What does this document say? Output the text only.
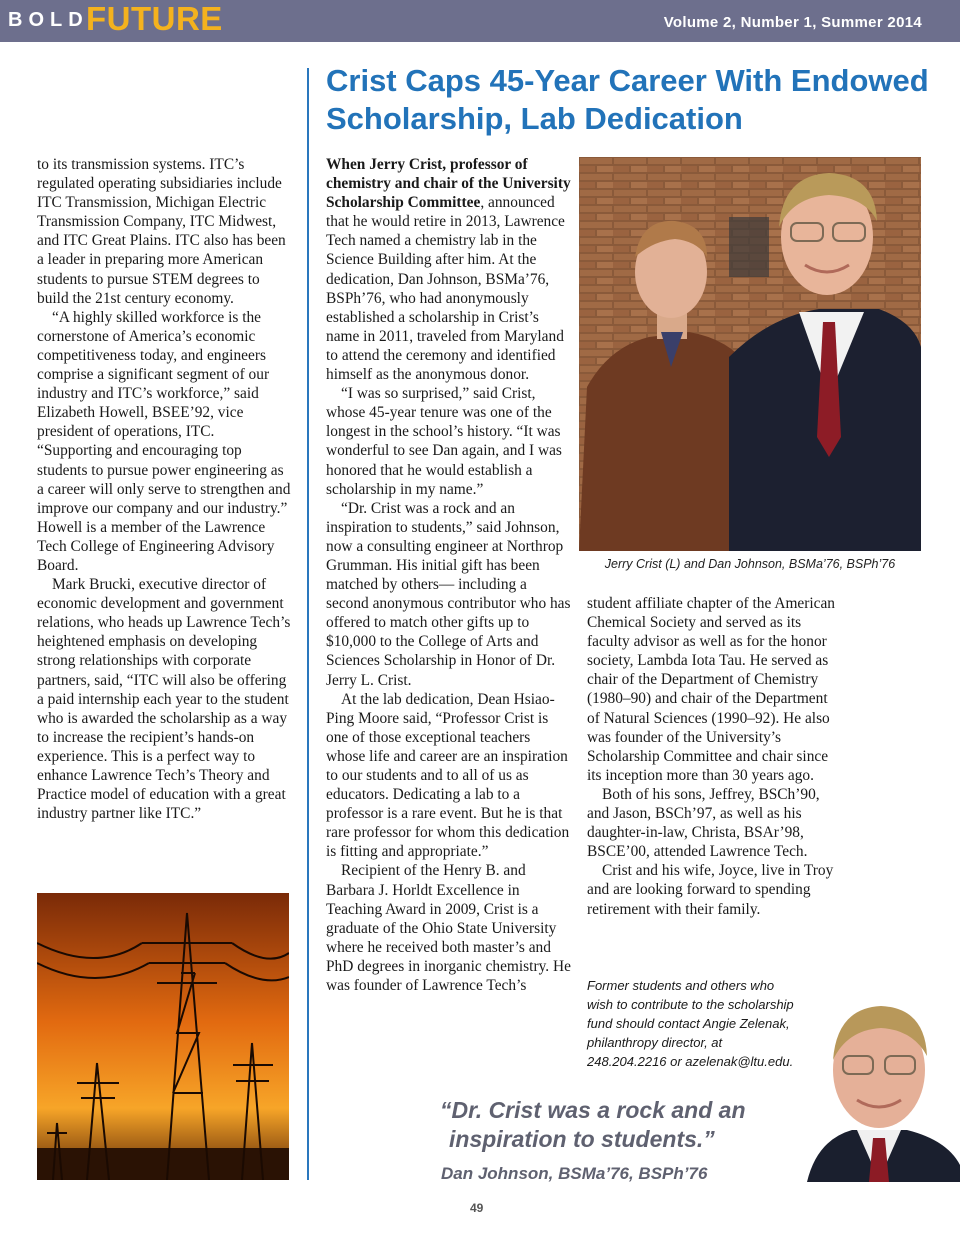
BOLD
FUTURE	Volume 2, Number 1, Summer 2014
Crist Caps 45-Year Career With Endowed Scholarship, Lab Dedication

to its transmission systems. ITC’s regulated operating subsidiaries include ITC Transmission, Michigan Electric Transmission Company, ITC Midwest, and ITC Great Plains. ITC also has been a leader in preparing more American students to pursue STEM degrees to build the 21st century economy.

“A highly skilled workforce is the cornerstone of America’s economic competitiveness today, and engineers comprise a significant segment of our industry and ITC’s workforce,” said Elizabeth Howell, BSEE’92, vice president of operations, ITC. “Supporting and encouraging top students to pursue power engineering as a career will only serve to strengthen and improve our company and our industry.” Howell is a member of the Lawrence Tech College of Engineering Advisory Board.

Mark Brucki, executive director of economic development and government relations, who heads up Lawrence Tech’s heightened emphasis on developing strong relationships with corporate partners, said, “ITC will also be offering a paid internship each year to the student who is awarded the scholarship as a way to increase the recipient’s hands-on experience. This is a perfect way to enhance Lawrence Tech’s Theory and Practice model of education with a great industry partner like ITC.”

When Jerry Crist, professor of chemistry and chair of the University Scholarship Committee, announced that he would retire in 2013, Lawrence Tech named a chemistry lab in the Science Building after him. At the dedication, Dan Johnson, BSMa’76, BSPh’76, who had anonymously established a scholarship in Crist’s name in 2011, traveled from Maryland to attend the ceremony and identified himself as the anonymous donor.

“I was so surprised,” said Crist, whose 45-year tenure was one of the longest in the school’s history. “It was wonderful to see Dan again, and I was honored that he would establish a scholarship in my name.”

“Dr. Crist was a rock and an inspiration to students,” said Johnson, now a consulting engineer at Northrop Grumman. His initial gift has been matched by others— including a second anonymous contributor who has offered to match other gifts up to $10,000 to the College of Arts and Sciences Scholarship in Honor of Dr. Jerry L. Crist.

At the lab dedication, Dean Hsiao-Ping Moore said, “Professor Crist is one of those exceptional teachers whose life and career are an inspiration to our students and to all of us as educators. Dedicating a lab to a professor is a rare event. But he is that rare professor for whom this dedication is fitting and appropriate.”

Recipient of the Henry B. and Barbara J. Horldt Excellence in Teaching Award in 2009, Crist is a graduate of the Ohio State University where he received both master’s and PhD degrees in inorganic chemistry. He was founder of Lawrence Tech’s

Jerry Crist (L) and Dan Johnson, BSMa’76, BSPh’76

student affiliate chapter of the American Chemical Society and served as its faculty advisor as well as for the honor society, Lambda Iota Tau. He served as chair of the Department of Chemistry (1980–90) and chair of the Department of Natural Sciences (1990–92). He also was founder of the University’s Scholarship Committee and chair since its inception more than 30 years ago.

Both of his sons, Jeffrey, BSCh’90, and Jason, BSCh’97, as well as his daughter-in-law, Christa, BSAr’98, BSCE’00, attended Lawrence Tech.

Crist and his wife, Joyce, live in Troy and are looking forward to spending retirement with their family.

Former students and others who wish to contribute to the scholarship fund should contact Angie Zelenak, philanthropy director, at 248.204.2216 or azelenak@ltu.edu.
“Dr. Crist was a rock and an
inspiration to students.”
Dan Johnson, BSMa’76, BSPh’76
49
